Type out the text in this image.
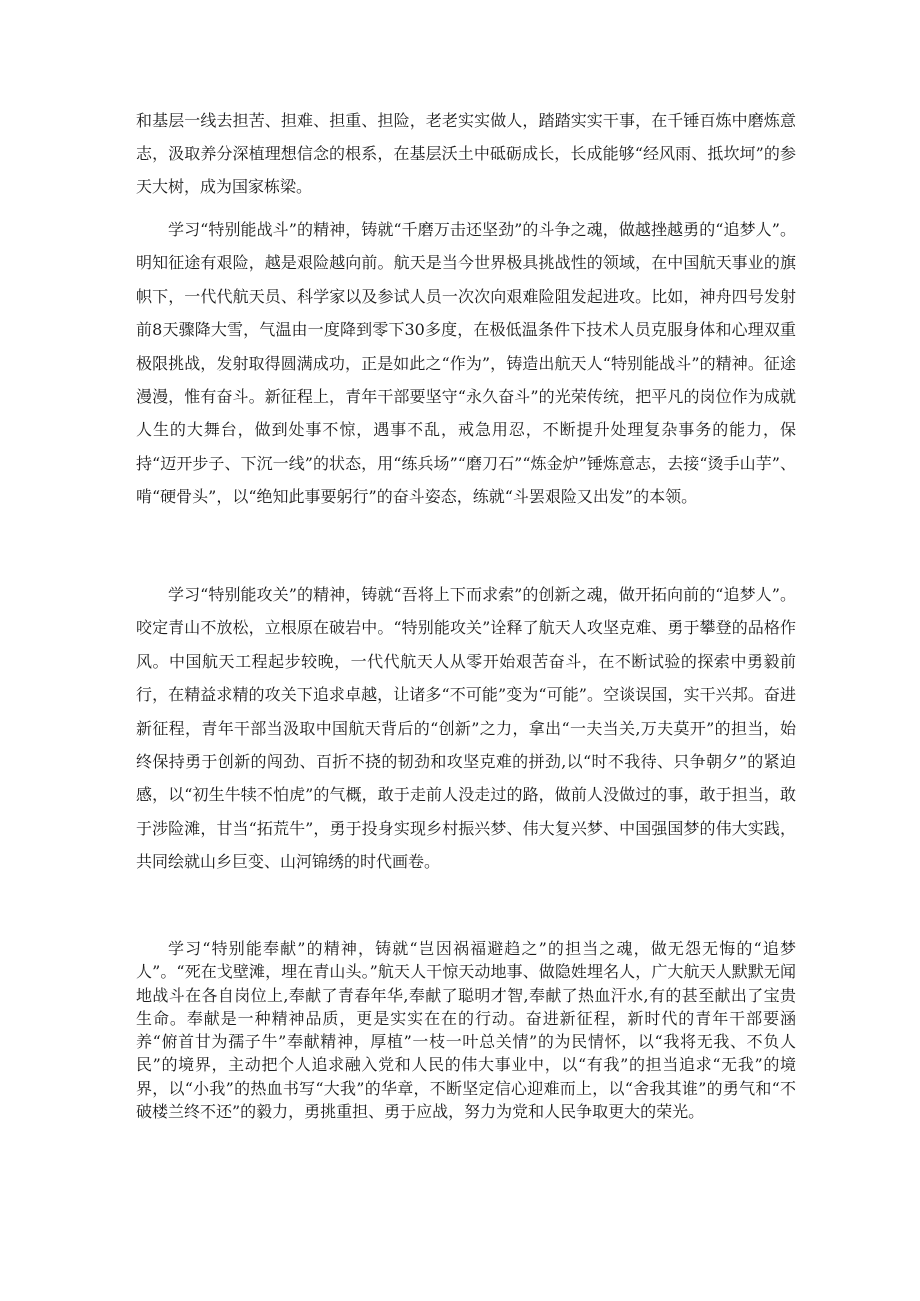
和基层一线去担苦、担难、担重、担险，老老实实做人，踏踏实实干事，在千锤百炼中磨炼意志，汲取养分深植理想信念的根系，在基层沃土中砥砺成长，长成能够“经风雨、抵坎坷”的参天大树，成为国家栋梁。

学习“特别能战斗”的精神，铸就“千磨万击还坚劲”的斗争之魂，做越挫越勇的“追梦人”。明知征途有艰险，越是艰险越向前。航天是当今世界极具挑战性的领域，在中国航天事业的旗帜下，一代代航天员、科学家以及参试人员一次次向艰难险阻发起进攻。比如，神舟四号发射前8天骤降大雪，气温由一度降到零下30多度，在极低温条件下技术人员克服身体和心理双重极限挑战，发射取得圆满成功，正是如此之“作为”，铸造出航天人“特别能战斗”的精神。征途漫漫，惟有奋斗。新征程上，青年干部要坚守“永久奋斗”的光荣传统，把平凡的岗位作为成就人生的大舞台，做到处事不惊，遇事不乱，戒急用忍，不断提升处理复杂事务的能力，保持“迈开步子、下沉一线”的状态，用“练兵场”“磨刀石”“炼金炉”锤炼意志，去接“烫手山芋”、啃“硬骨头”，以“绝知此事要躬行”的奋斗姿态，练就“斗罢艰险又出发”的本领。

学习“特别能攻关”的精神，铸就“吾将上下而求索”的创新之魂，做开拓向前的“追梦人”。咬定青山不放松，立根原在破岩中。“特别能攻关”诠释了航天人攻坚克难、勇于攀登的品格作风。中国航天工程起步较晚，一代代航天人从零开始艰苦奋斗，在不断试验的探索中勇毅前行，在精益求精的攻关下追求卓越，让诸多“不可能”变为“可能”。空谈误国，实干兴邦。奋进新征程，青年干部当汲取中国航天背后的“创新”之力，拿出“一夫当关,万夫莫开”的担当，始终保持勇于创新的闯劲、百折不挠的韧劲和攻坚克难的拼劲,以“时不我待、只争朝夕”的紧迫感，以“初生牛犊不怕虎”的气概，敢于走前人没走过的路，做前人没做过的事，敢于担当，敢于涉险滩，甘当“拓荒牛”，勇于投身实现乡村振兴梦、伟大复兴梦、中国强国梦的伟大实践，共同绘就山乡巨变、山河锦绣的时代画卷。

学习“特别能奉献”的精神，铸就“岂因祸福避趋之”的担当之魂，做无怨无悔的“追梦人”。“死在戈壁滩，埋在青山头。”航天人干惊天动地事、做隐姓埋名人，广大航天人默默无闻地战斗在各自岗位上,奉献了青春年华,奉献了聪明才智,奉献了热血汗水,有的甚至献出了宝贵生命。奉献是一种精神品质，更是实实在在的行动。奋进新征程，新时代的青年干部要涵养“俯首甘为孺子牛”奉献精神，厚植”一枝一叶总关情”的为民情怀，以“我将无我、不负人民”的境界，主动把个人追求融入党和人民的伟大事业中，以“有我”的担当追求“无我”的境界，以“小我”的热血书写“大我”的华章，不断坚定信心迎难而上，以“舍我其谁”的勇气和“不破楼兰终不还”的毅力，勇挑重担、勇于应战，努力为党和人民争取更大的荣光。
